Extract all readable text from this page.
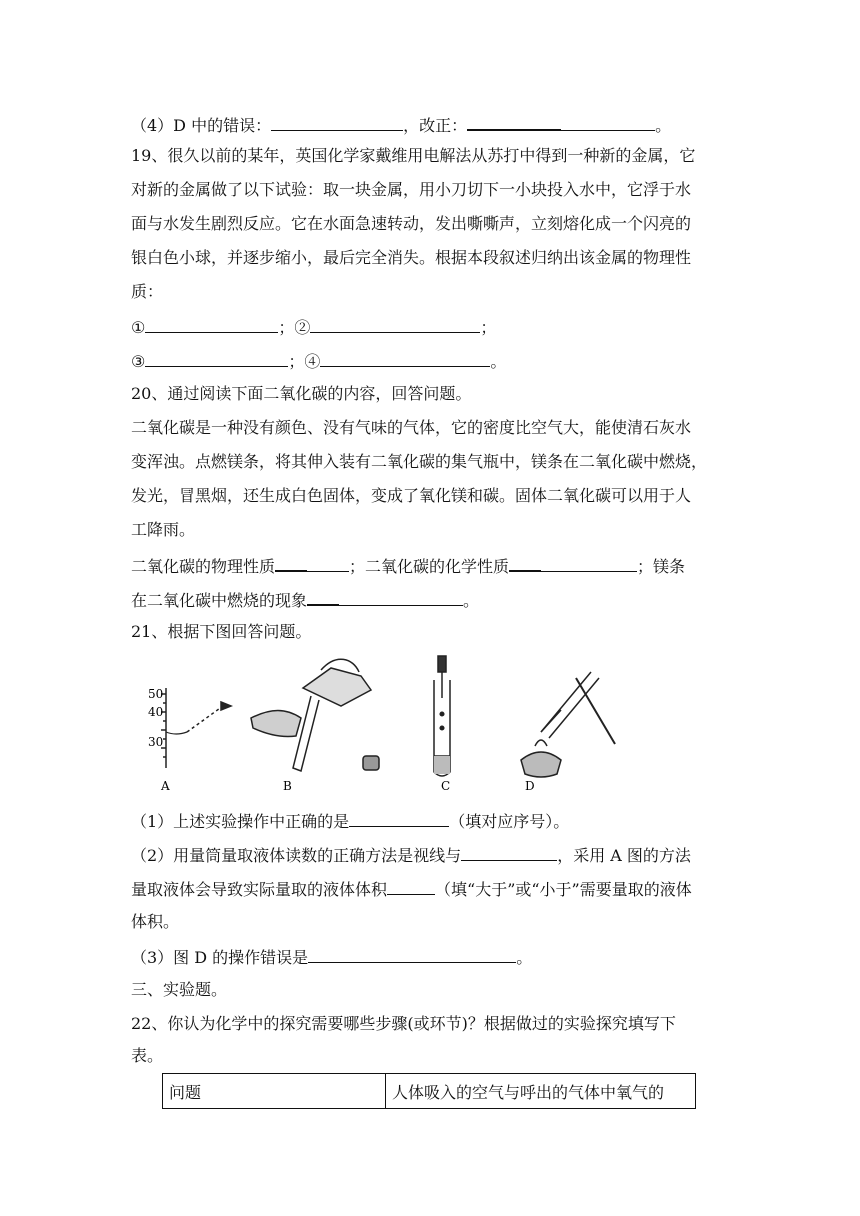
（4）D 中的错误：	，改正：	。
19、很久以前的某年，英国化学家戴维用电解法从苏打中得到一种新的金属，它
对新的金属做了以下试验：取一块金属，用小刀切下一小块投入水中，它浮于水
面与水发生剧烈反应。它在水面急速转动，发出嘶嘶声，立刻熔化成一个闪亮的
银白色小球，并逐步缩小，最后完全消失。根据本段叙述归纳出该金属的物理性
质：
①	；②	；
③	；④	。
20、通过阅读下面二氧化碳的内容，回答问题。
二氧化碳是一种没有颜色、没有气味的气体，它的密度比空气大，能使清石灰水
变浑浊。点燃镁条，将其伸入装有二氧化碳的集气瓶中，镁条在二氧化碳中燃烧，
发光，冒黑烟，还生成白色固体，变成了氧化镁和碳。固体二氧化碳可以用于人
工降雨。
二氧化碳的物理性质	；二氧化碳的化学性质	；镁条
在二氧化碳中燃烧的现象	。
21、根据下图回答问题。
50
40
30
A	B	C	D
（1）上述实验操作中正确的是	（填对应序号）。
（2）用量筒量取液体读数的正确方法是视线与	，采用 A 图的方法
量取液体会导致实际量取的液体体积	（填“大于”或“小于”需要量取的液体
体积。
（3）图 D 的操作错误是	。
三、实验题。
22、你认为化学中的探究需要哪些步骤(或环节)？根据做过的实验探究填写下
表。
问题	人体吸入的空气与呼出的气体中氧气的
